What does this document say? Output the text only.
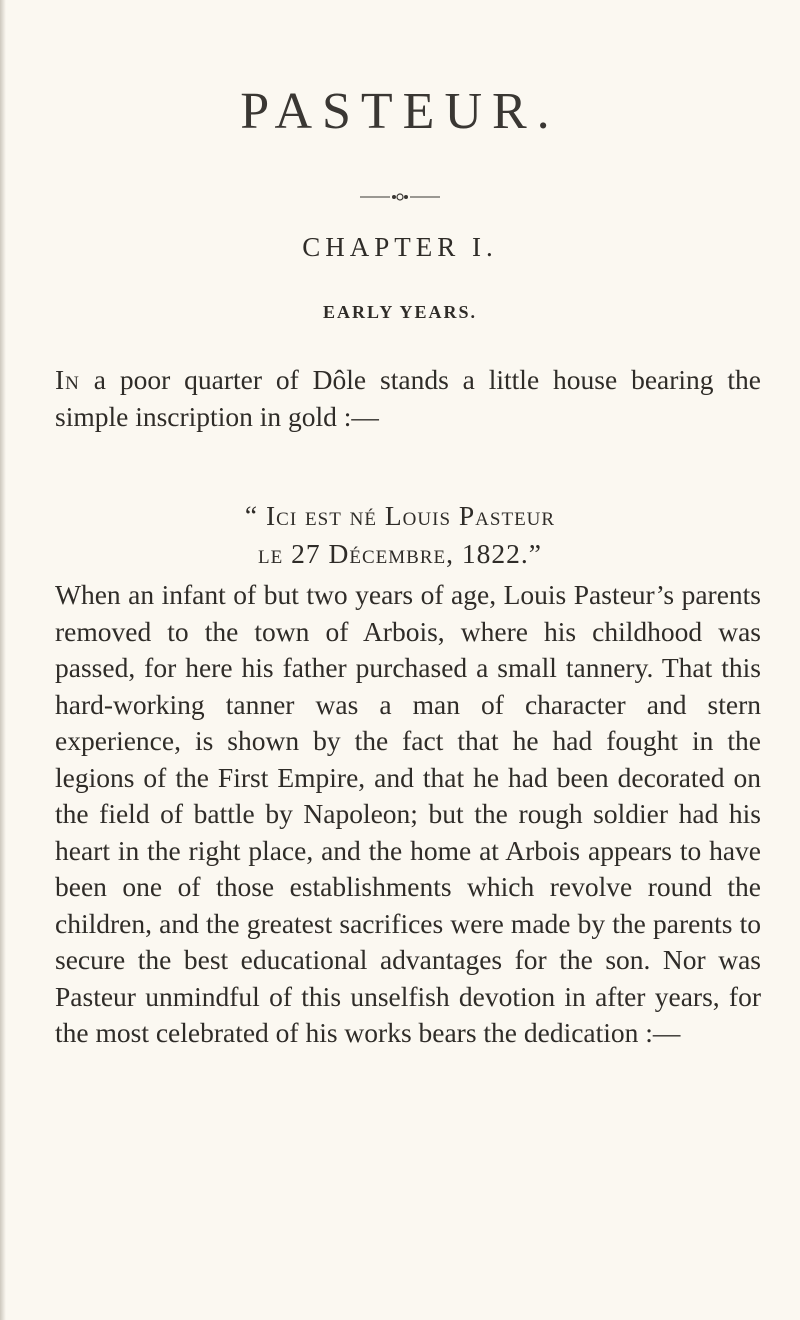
PASTEUR.
CHAPTER I.
EARLY YEARS.

In a poor quarter of Dôle stands a little house bearing the simple inscription in gold :—

“ Ici est né Louis Pasteur
le 27 Décembre, 1822.”

When an infant of but two years of age, Louis Pasteur’s parents removed to the town of Arbois, where his childhood was passed, for here his father purchased a small tannery. That this hard-working tanner was a man of character and stern experience, is shown by the fact that he had fought in the legions of the First Empire, and that he had been decorated on the field of battle by Napoleon; but the rough soldier had his heart in the right place, and the home at Arbois appears to have been one of those establishments which revolve round the children, and the greatest sacrifices were made by the parents to secure the best educational advantages for the son. Nor was Pasteur unmindful of this unselfish devotion in after years, for the most celebrated of his works bears the dedication :—
